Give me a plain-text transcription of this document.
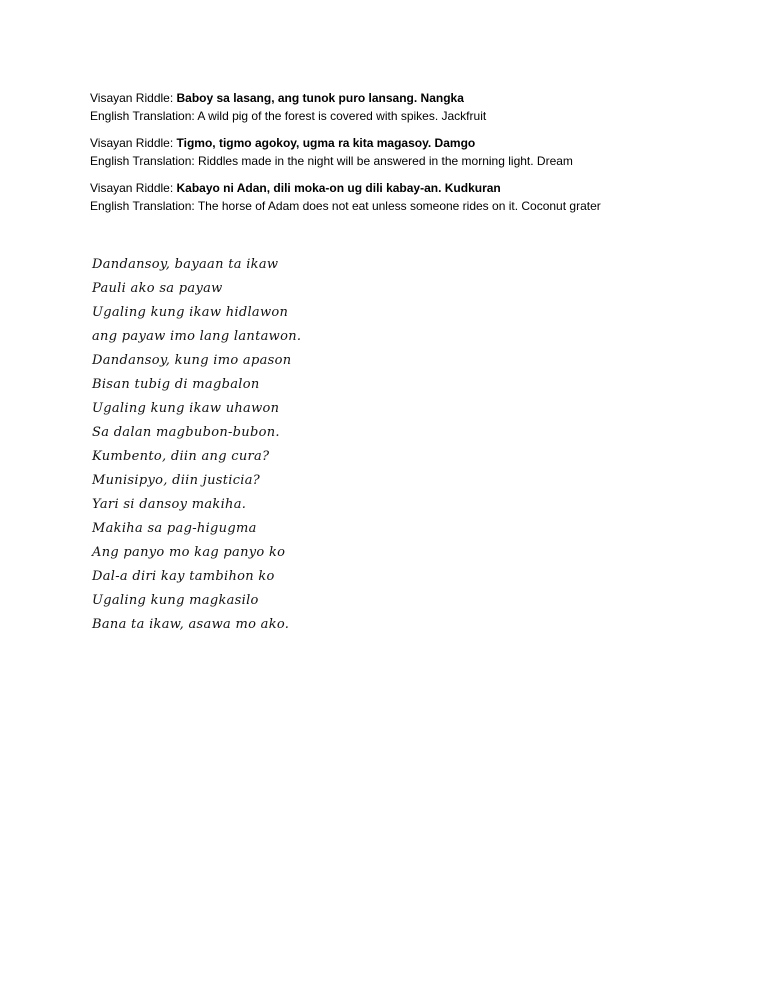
Visayan Riddle: Baboy sa lasang, ang tunok puro lansang. Nangka
English Translation: A wild pig of the forest is covered with spikes. Jackfruit
Visayan Riddle: Tigmo, tigmo agokoy, ugma ra kita magasoy. Damgo
English Translation: Riddles made in the night will be answered in the morning light. Dream
Visayan Riddle: Kabayo ni Adan, dili moka-on ug dili kabay-an. Kudkuran
English Translation: The horse of Adam does not eat unless someone rides on it. Coconut grater
Dandansoy, bayaan ta ikaw
Pauli ako sa payaw
Ugaling kung ikaw hidlawon
ang payaw imo lang lantawon.
Dandansoy, kung imo apason
Bisan tubig di magbalon
Ugaling kung ikaw uhawon
Sa dalan magbubon-bubon.
Kumbento, diin ang cura?
Munisipyo, diin justicia?
Yari si dansoy makiha.
Makiha sa pag-higugma
Ang panyo mo kag panyo ko
Dal-a diri kay tambihon ko
Ugaling kung magkasilo
Bana ta ikaw, asawa mo ako.
